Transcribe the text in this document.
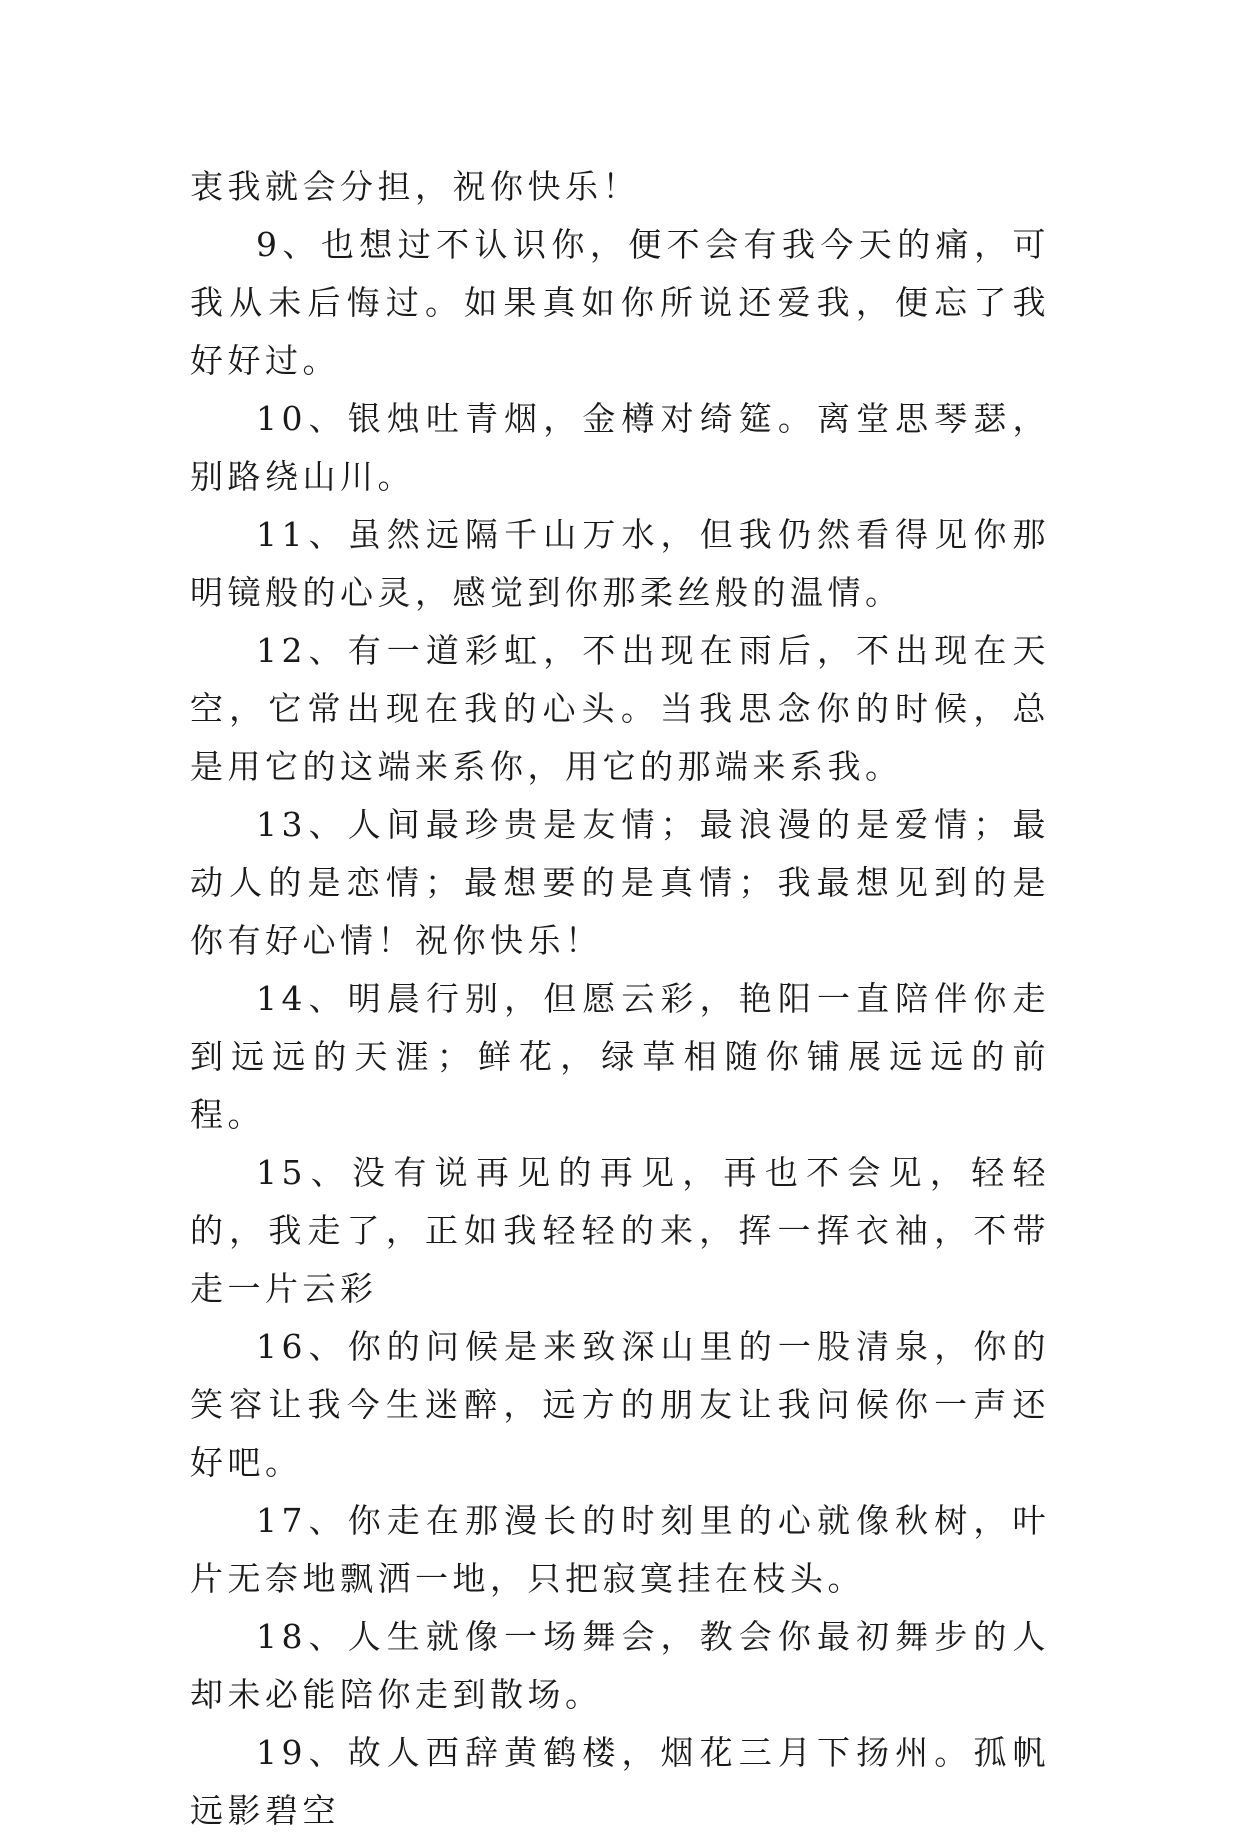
衷我就会分担，祝你快乐！

9、也想过不认识你，便不会有我今天的痛，可我从未后悔过。如果真如你所说还爱我，便忘了我好好过。

10、银烛吐青烟，金樽对绮筵。离堂思琴瑟，别路绕山川。

11、虽然远隔千山万水，但我仍然看得见你那明镜般的心灵，感觉到你那柔丝般的温情。

12、有一道彩虹，不出现在雨后，不出现在天空，它常出现在我的心头。当我思念你的时候，总是用它的这端来系你，用它的那端来系我。

13、人间最珍贵是友情；最浪漫的是爱情；最动人的是恋情；最想要的是真情；我最想见到的是你有好心情！祝你快乐！

14、明晨行别，但愿云彩，艳阳一直陪伴你走到远远的天涯；鲜花，绿草相随你铺展远远的前程。

15、没有说再见的再见，再也不会见，轻轻的，我走了，正如我轻轻的来，挥一挥衣袖，不带走一片云彩

16、你的问候是来致深山里的一股清泉，你的笑容让我今生迷醉，远方的朋友让我问候你一声还好吧。

17、你走在那漫长的时刻里的心就像秋树，叶片无奈地飘洒一地，只把寂寞挂在枝头。

18、人生就像一场舞会，教会你最初舞步的人却未必能陪你走到散场。

19、故人西辞黄鹤楼，烟花三月下扬州。孤帆远影碧空
